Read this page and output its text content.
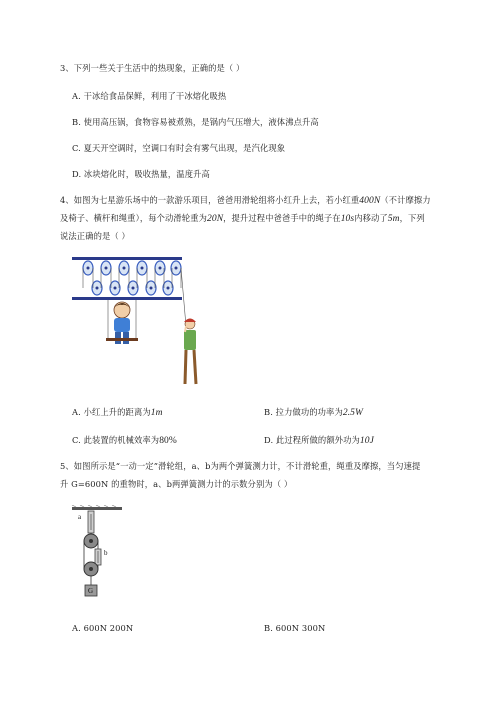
3、下列一些关于生活中的热现象，正确的是（ ）
A. 干冰给食品保鲜，利用了干冰熔化吸热
B. 使用高压锅，食物容易被煮熟，是锅内气压增大，液体沸点升高
C. 夏天开空调时，空调口有时会有雾气出现，是汽化现象
D. 冰块熔化时，吸收热量，温度升高
4、如图为七星游乐场中的一款游乐项目，爸爸用滑轮组将小红升上去，若小红重400N（不计摩擦力
及椅子、横杆和绳重），每个动滑轮重为20N，提升过程中爸爸手中的绳子在10s内移动了5m，下列
说法正确的是（ ）
A. 小红上升的距离为1m	B. 拉力做功的功率为2.5W
C. 此装置的机械效率为80%	D. 此过程所做的额外功为10J
5、如图所示是“一动一定”滑轮组，a、b为两个弹簧测力计，不计滑轮重，绳重及摩擦，当匀速提
升 G=600N 的重物时，a、b两弹簧测力计的示数分别为（ ）
a
b
G
A. 600N 200N	B. 600N 300N
